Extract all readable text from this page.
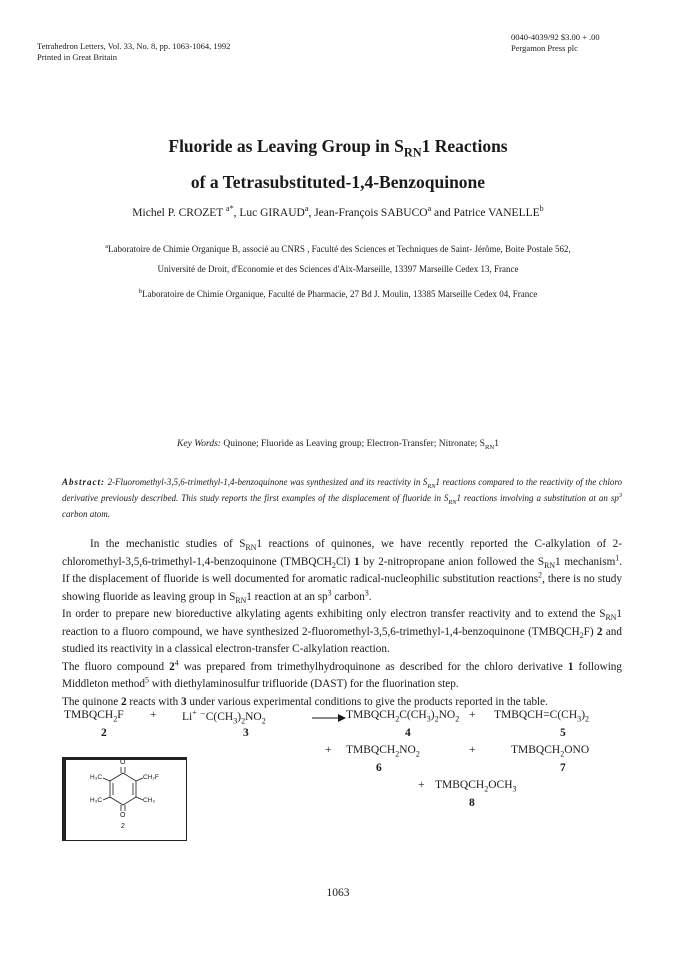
Tetrahedron Letters, Vol. 33, No. 8, pp. 1063-1064, 1992
Printed in Great Britain
0040-4039/92 $3.00 + .00
Pergamon Press plc
Fluoride as Leaving Group in $S_{RN}1$ Reactions
of a Tetrasubstituted-1,4-Benzoquinone
Michel P. CROZET $^{a*}$, Luc GIRAUD$^a$, Jean-François SABUCO$^a$ and Patrice VANELLE$^b$
$^a$Laboratoire de Chimie Organique B, associé au CNRS , Faculté des Sciences et Techniques de Saint- Jérôme, Boite Postale 562,
Université de Droit, d'Economie et des Sciences d'Aix-Marseille, 13397 Marseille Cedex 13, France
$^b$Laboratoire de Chimie Organique, Faculté de Pharmacie, 27 Bd J. Moulin, 13385 Marseille Cedex 04, France
Key Words: Quinone; Fluoride as Leaving group; Electron-Transfer; Nitronate; $S_{RN}1$
Abstract: 2-Fluoromethyl-3,5,6-trimethyl-1,4-benzoquinone was synthesized and its reactivity in $S_{RN}1$ reactions compared to the reactivity of the chloro derivative previously described. This study reports the first examples of the displacement of fluoride in $S_{RN}1$ reactions involving a substitution at an $sp^3$ carbon atom.

In the mechanistic studies of $S_{RN}1$ reactions of quinones, we have recently reported the C-alkylation of 2-chloromethyl-3,5,6-trimethyl-1,4-benzoquinone $(TMBQCH_2Cl)$ 1 by 2-nitropropane anion followed the $S_{RN}1$ mechanism$^1$. If the displacement of fluoride is well documented for aromatic radical-nucleophilic substitution reactions$^2$, there is no study showing fluoride as leaving group in $S_{RN}1$ reaction at an $sp^3$ carbon$^3$.

In order to prepare new bioreductive alkylating agents exhibiting only electron transfer reactivity and to extend the $S_{RN}1$ reaction to a fluoro compound, we have synthesized 2-fluoromethyl-3,5,6-trimethyl-1,4-benzoquinone $(TMBQCH_2F)$ 2 and studied its reactivity in a classical electron-transfer C-alkylation reaction.

The fluoro compound $2^4$ was prepared from trimethylhydroquinone as described for the chloro derivative 1 following Middleton method$^5$ with diethylaminosulfur trifluoride (DAST) for the fluorination step.

The quinone 2 reacts with 3 under various experimental conditions to give the products reported in the table.

$TMBQCH_2F + Li^+$ $^-C(CH_3)_2NO_2$	→ $TMBQCH_2C(CH_3)_2NO_2$ + $TMBQCH=C(CH_3)_2$
2	3	4	5
+ $TMBQCH_2NO_2$	+	$TMBQCH_2ONO$
6	7
+ $TMBQCH_2OCH_3$
8
O
O
H₃C	CH₂F
H₃C	CH₃
2
1063
